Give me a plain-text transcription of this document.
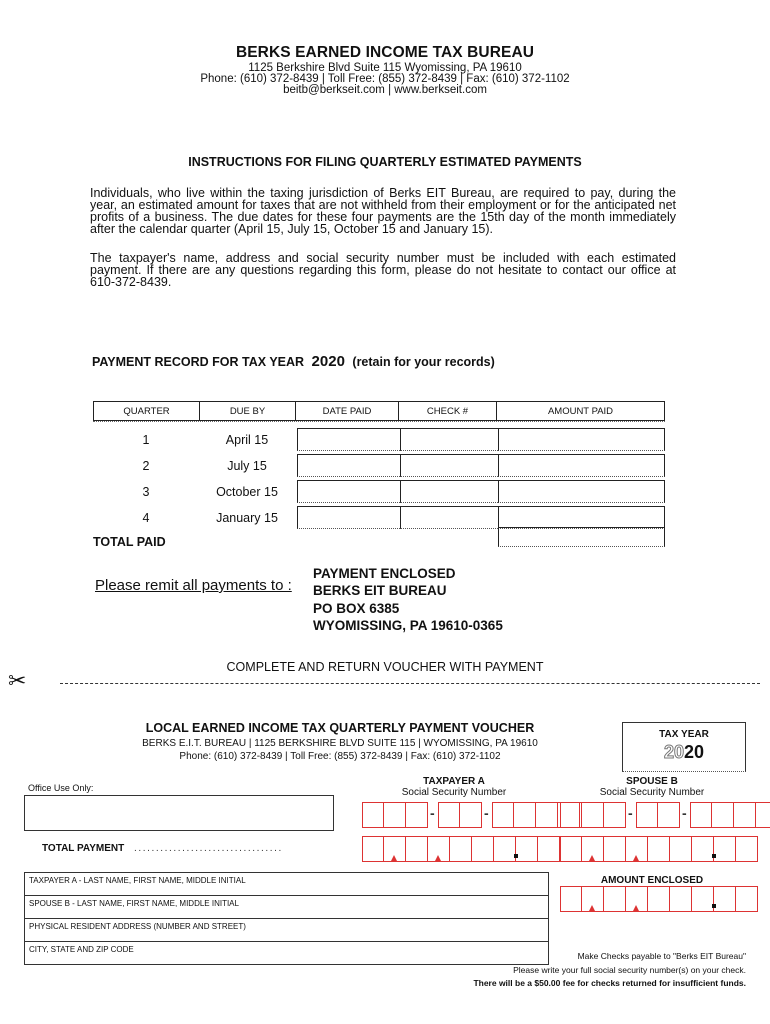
BERKS EARNED INCOME TAX BUREAU
1125 Berkshire Blvd Suite 115 Wyomissing, PA 19610
Phone: (610) 372-8439 | Toll Free: (855) 372-8439 | Fax: (610) 372-1102
beitb@berkseit.com | www.berkseit.com
INSTRUCTIONS FOR FILING QUARTERLY ESTIMATED PAYMENTS
Individuals, who live within the taxing jurisdiction of Berks EIT Bureau, are required to pay, during the year, an estimated amount for taxes that are not withheld from their employment or for the anticipated net profits of a business. The due dates for these four payments are the 15th day of the month immediately after the calendar quarter (April 15, July 15, October 15 and January 15).
The taxpayer's name, address and social security number must be included with each estimated payment. If there are any questions regarding this form, please do not hesitate to contact our office at 610-372-8439.
PAYMENT RECORD FOR TAX YEAR 2020 (retain for your records)
QUARTER	DUE BY	DATE PAID	CHECK #	AMOUNT PAID
1	April 15
2	July 15
3	October 15
4	January 15
TOTAL PAID
Please remit all payments to :
PAYMENT ENCLOSED
BERKS EIT BUREAU
PO BOX 6385
WYOMISSING, PA 19610-0365
COMPLETE AND RETURN VOUCHER WITH PAYMENT
✂
LOCAL EARNED INCOME TAX QUARTERLY PAYMENT VOUCHER
BERKS E.I.T. BUREAU | 1125 BERKSHIRE BLVD SUITE 115 | WYOMISSING, PA 19610
Phone: (610) 372-8439 | Toll Free: (855) 372-8439 | Fax: (610) 372-1102
TAX YEAR
2020
Office Use Only:
TAXPAYER A
Social Security Number
-
-
SPOUSE B
Social Security Number
-
-
TOTAL PAYMENT ..................................
TAXPAYER A - LAST NAME, FIRST NAME, MIDDLE INITIAL
SPOUSE B - LAST NAME, FIRST NAME, MIDDLE INITIAL
PHYSICAL RESIDENT ADDRESS (NUMBER AND STREET)
CITY, STATE AND ZIP CODE
AMOUNT ENCLOSED
Make Checks payable to "Berks EIT Bureau"
Please write your full social security number(s) on your check.
There will be a $50.00 fee for checks returned for insufficient funds.
